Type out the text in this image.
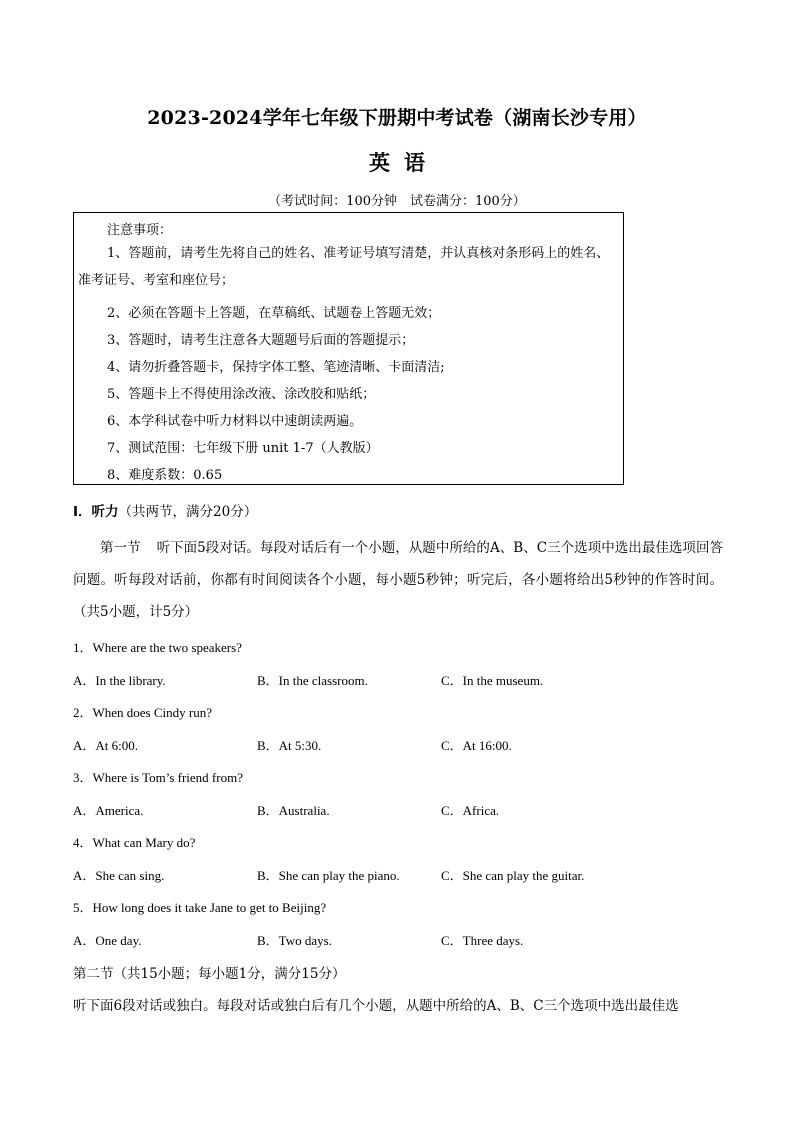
2023-2024学年七年级下册期中考试卷（湖南长沙专用）
英语
（考试时间：100分钟　试卷满分：100分）
注意事项：
1、答题前，请考生先将自己的姓名、准考证号填写清楚，并认真核对条形码上的姓名、准考证号、考室和座位号；
2、必须在答题卡上答题，在草稿纸、试题卷上答题无效；
3、答题时，请考生注意各大题题号后面的答题提示；
4、请勿折叠答题卡，保持字体工整、笔迹清晰、卡面清洁;
5、答题卡上不得使用涂改液、涂改胶和贴纸；
6、本学科试卷中听力材料以中速朗读两遍。
7、测试范围：七年级下册 unit 1-7（人教版）
8、难度系数：0.65
I．听力（共两节，满分20分）
第一节 听下面5段对话。每段对话后有一个小题，从题中所给的A、B、C三个选项中选出最佳选项回答问题。听每段对话前，你都有时间阅读各个小题，每小题5秒钟；听完后，各小题将给出5秒钟的作答时间。（共5小题，计5分）
1．Where are the two speakers?
A．In the library.	B．In the classroom.	C．In the museum.
2．When does Cindy run?
A．At 6:00.	B．At 5:30.	C．At 16:00.
3．Where is Tom’s friend from?
A．America.	B．Australia.	C．Africa.
4．What can Mary do?
A．She can sing.	B．She can play the piano.	C．She can play the guitar.
5．How long does it take Jane to get to Beijing?
A．One day.	B．Two days.	C．Three days.
第二节（共15小题；每小题1分，满分15分）
听下面6段对话或独白。每段对话或独白后有几个小题，从题中所给的A、B、C三个选项中选出最佳选
